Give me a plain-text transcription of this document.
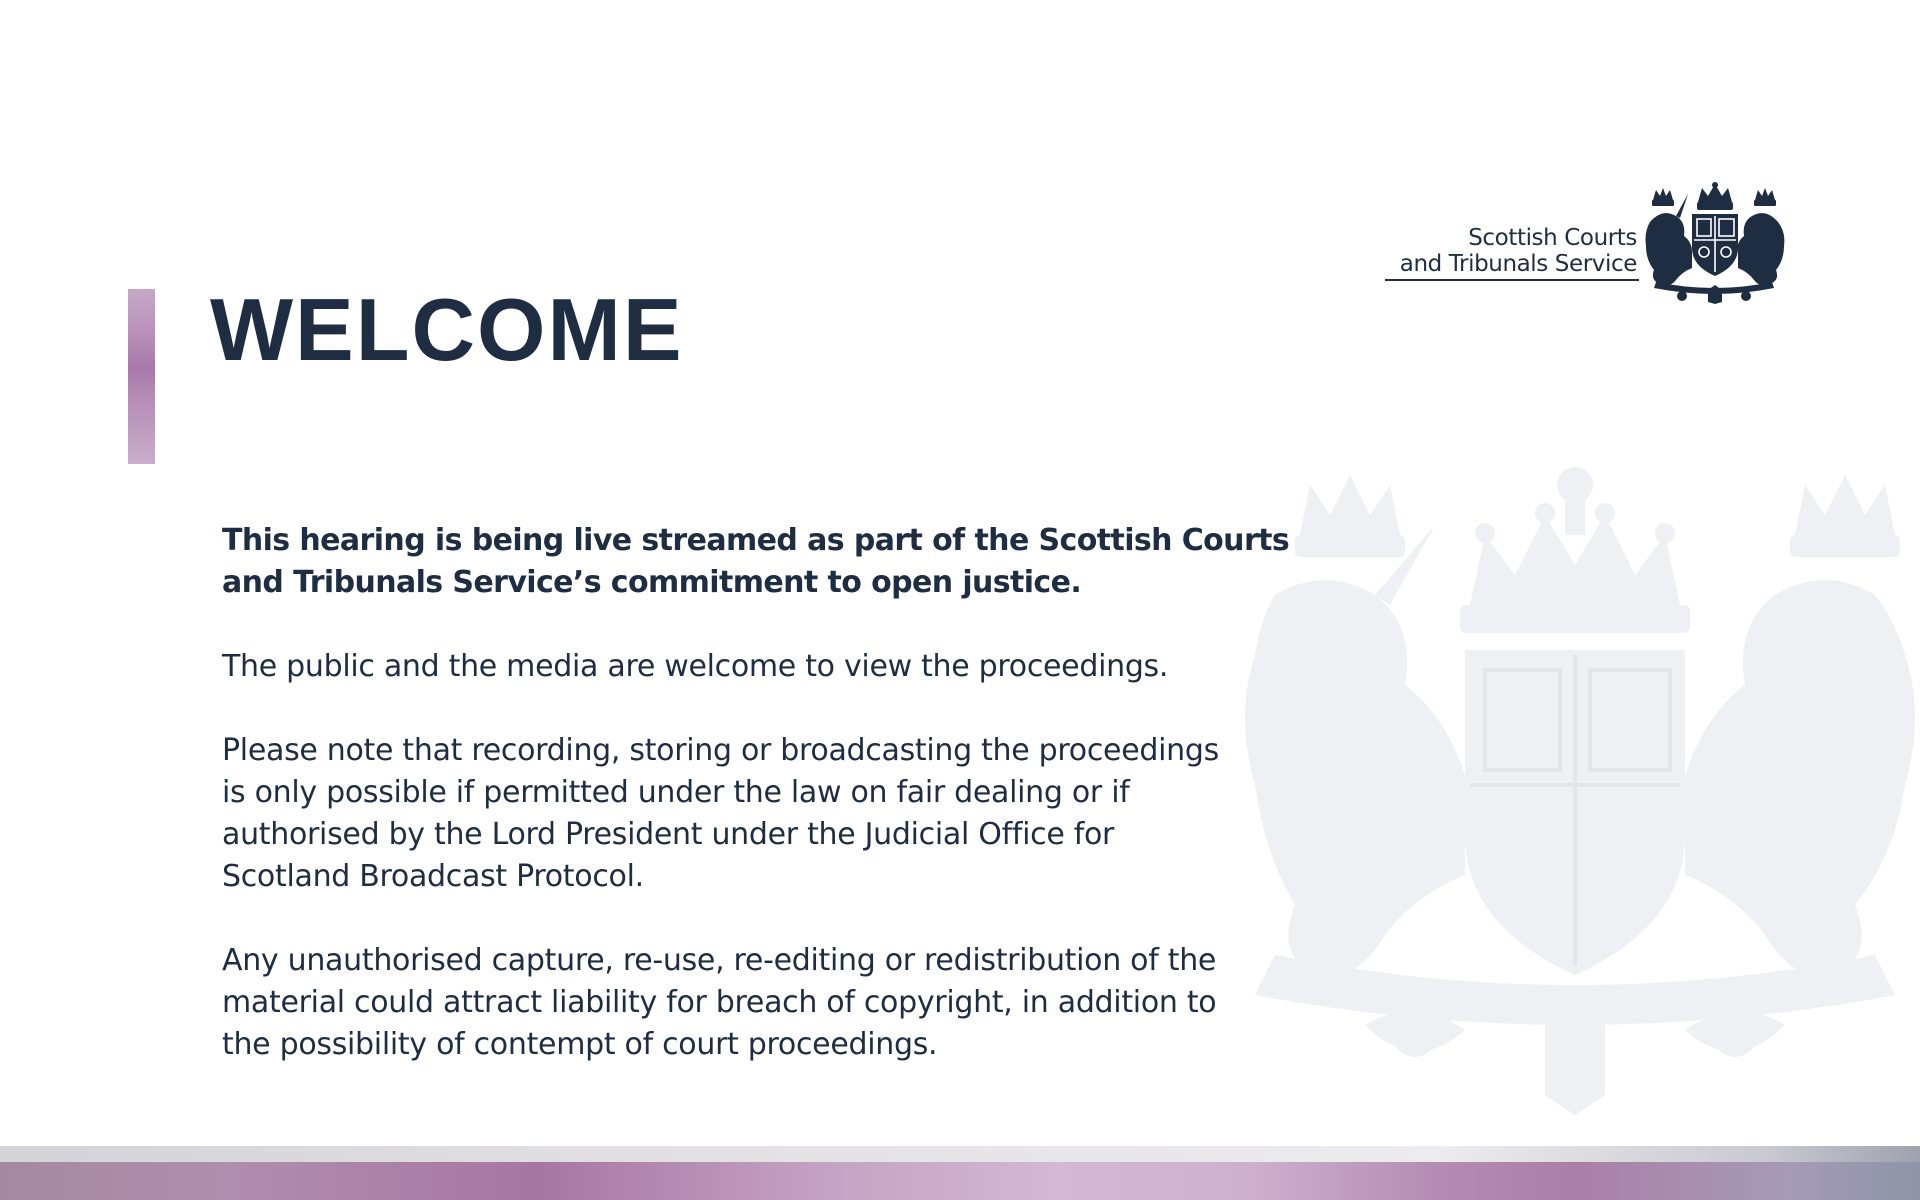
Scottish Courts
and Tribunals Service
WELCOME

This hearing is being live streamed as part of the Scottish Courts
and Tribunals Service’s commitment to open justice.

The public and the media are welcome to view the proceedings.

Please note that recording, storing or broadcasting the proceedings
is only possible if permitted under the law on fair dealing or if
authorised by the Lord President under the Judicial Office for
Scotland Broadcast Protocol.

Any unauthorised capture, re-use, re-editing or redistribution of the
material could attract liability for breach of copyright, in addition to
the possibility of contempt of court proceedings.
